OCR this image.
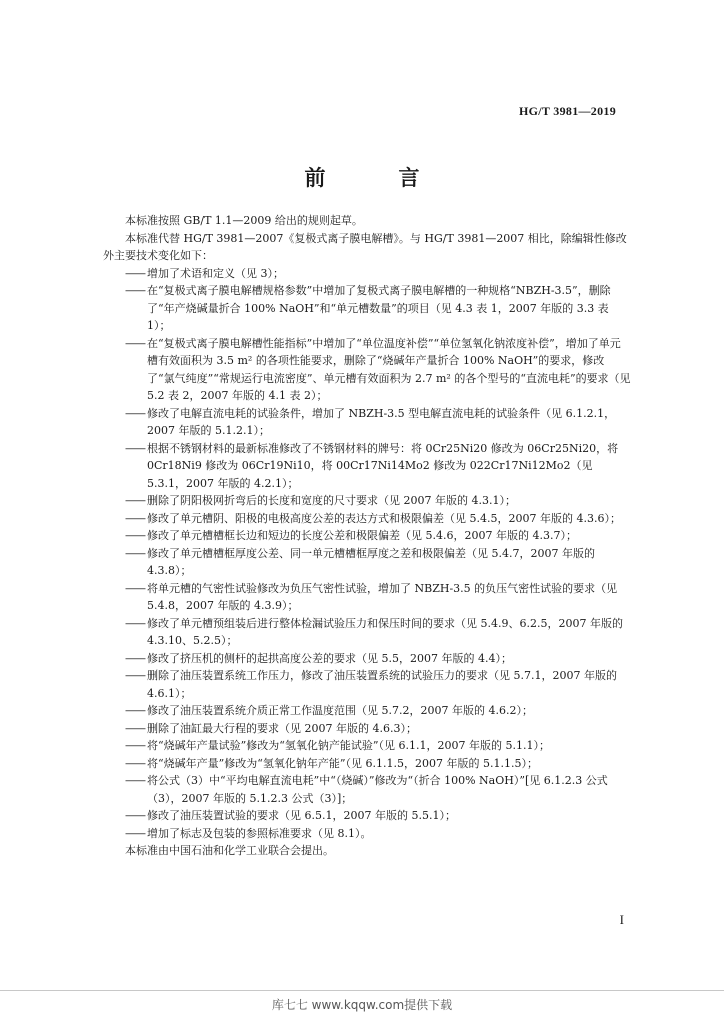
HG/T 3981—2019
前　言

本标准按照 GB/T 1.1—2009 给出的规则起草。

本标准代替 HG/T 3981—2007《复极式离子膜电解槽》。与 HG/T 3981—2007 相比，除编辑性修改外主要技术变化如下：

—— 增加了术语和定义（见 3）；

—— 在“复极式离子膜电解槽规格参数”中增加了复极式离子膜电解槽的一种规格“NBZH-3.5”，删除了“年产烧碱量折合 100% NaOH”和“单元槽数量”的项目（见 4.3 表 1，2007 年版的 3.3 表 1）；

—— 在“复极式离子膜电解槽性能指标”中增加了“单位温度补偿”“单位氢氧化钠浓度补偿”，增加了单元槽有效面积为 3.5 m² 的各项性能要求，删除了“烧碱年产量折合 100% NaOH”的要求，修改了“氯气纯度”“常规运行电流密度”、单元槽有效面积为 2.7 m² 的各个型号的“直流电耗”的要求（见 5.2 表 2，2007 年版的 4.1 表 2）；

—— 修改了电解直流电耗的试验条件，增加了 NBZH-3.5 型电解直流电耗的试验条件（见 6.1.2.1，2007 年版的 5.1.2.1）；

—— 根据不锈钢材料的最新标准修改了不锈钢材料的牌号：将 0Cr25Ni20 修改为 06Cr25Ni20，将 0Cr18Ni9 修改为 06Cr19Ni10，将 00Cr17Ni14Mo2 修改为 022Cr17Ni12Mo2（见 5.3.1，2007 年版的 4.2.1）；

—— 删除了阴阳极网折弯后的长度和宽度的尺寸要求（见 2007 年版的 4.3.1）；

—— 修改了单元槽阴、阳极的电极高度公差的表达方式和极限偏差（见 5.4.5，2007 年版的 4.3.6）；

—— 修改了单元槽槽框长边和短边的长度公差和极限偏差（见 5.4.6，2007 年版的 4.3.7）；

—— 修改了单元槽槽框厚度公差、同一单元槽槽框厚度之差和极限偏差（见 5.4.7，2007 年版的 4.3.8）；

—— 将单元槽的气密性试验修改为负压气密性试验，增加了 NBZH-3.5 的负压气密性试验的要求（见 5.4.8，2007 年版的 4.3.9）；

—— 修改了单元槽预组装后进行整体检漏试验压力和保压时间的要求（见 5.4.9、6.2.5，2007 年版的 4.3.10、5.2.5）；

—— 修改了挤压机的侧杆的起拱高度公差的要求（见 5.5，2007 年版的 4.4）；

—— 删除了油压装置系统工作压力，修改了油压装置系统的试验压力的要求（见 5.7.1，2007 年版的 4.6.1）；

—— 修改了油压装置系统介质正常工作温度范围（见 5.7.2，2007 年版的 4.6.2）；

—— 删除了油缸最大行程的要求（见 2007 年版的 4.6.3）；

—— 将“烧碱年产量试验”修改为“氢氧化钠产能试验”（见 6.1.1，2007 年版的 5.1.1）；

—— 将“烧碱年产量”修改为“氢氧化钠年产能”（见 6.1.1.5，2007 年版的 5.1.1.5）；

—— 将公式（3）中“平均电解直流电耗”中“（烧碱）”修改为“（折合 100% NaOH）”[见 6.1.2.3 公式（3），2007 年版的 5.1.2.3 公式（3）]；

—— 修改了油压装置试验的要求（见 6.5.1，2007 年版的 5.5.1）；

—— 增加了标志及包装的参照标准要求（见 8.1）。

本标准由中国石油和化学工业联合会提出。

I
库七七 www.kqqw.com提供下载
